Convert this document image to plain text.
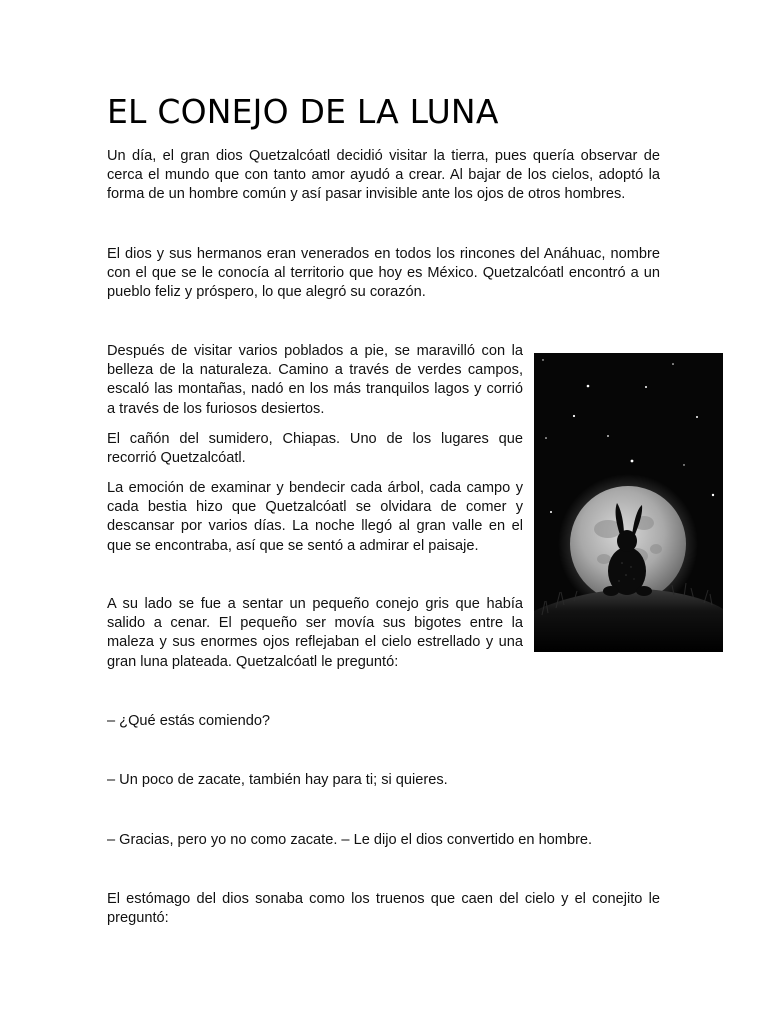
EL CONEJO DE LA LUNA

Un día, el gran dios Quetzalcóatl decidió visitar la tierra, pues quería observar de cerca el mundo que con tanto amor ayudó a crear. Al bajar de los cielos, adoptó la forma de un hombre común y así pasar invisible ante los ojos de otros hombres.

El dios y sus hermanos eran venerados en todos los rincones del Anáhuac, nombre con el que se le conocía al territorio que hoy es México. Quetzalcóatl encontró a un pueblo feliz y próspero, lo que alegró su corazón.

Después de visitar varios poblados a pie, se maravilló con la belleza de la naturaleza. Camino a través de verdes campos, escaló las montañas, nadó en los más tranquilos lagos y corrió a través de los furiosos desiertos.

El cañón del sumidero, Chiapas. Uno de los lugares que recorrió Quetzalcóatl.

La emoción de examinar y bendecir cada árbol, cada campo y cada bestia hizo que Quetzalcóatl se olvidara de comer y descansar por varios días. La noche llegó al gran valle en el que se encontraba, así que se sentó a admirar el paisaje.

A su lado se fue a sentar un pequeño conejo gris que había salido a cenar. El pequeño ser movía sus bigotes entre la maleza y sus enormes ojos reflejaban el cielo estrellado y una gran luna plateada. Quetzalcóatl le preguntó:

– ¿Qué estás comiendo?

– Un poco de zacate, también hay para ti; si quieres.

– Gracias, pero yo no como zacate. – Le dijo el dios convertido en hombre.

El estómago del dios sonaba como los truenos que caen del cielo y el conejito le preguntó:
